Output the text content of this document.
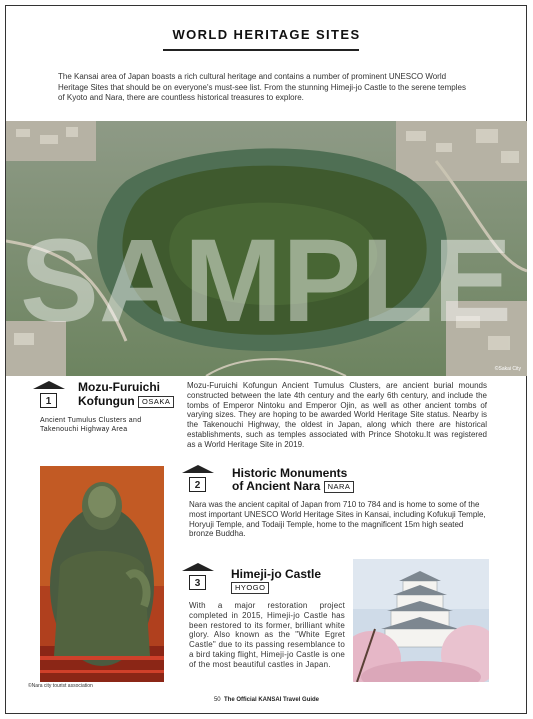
WORLD HERITAGE SITES
The Kansai area of Japan boasts a rich cultural heritage and contains a number of prominent UNESCO World Heritage Sites that should be on everyone's must-see list. From the stunning Himeji-jo Castle to the serene temples of Kyoto and Nara, there are countless historical treasures to explore.
SAMPLE
©Sakai City
1
Mozu-Furuichi
Kofungun OSAKA
Ancient Tumulus Clusters and Takenouchi Highway Area
Mozu-Furuichi Kofungun Ancient Tumulus Clusters, are ancient burial mounds constructed between the late 4th century and the early 6th century, and include the tombs of Emperor Nintoku and Emperor Ojin, as well as other ancient tombs of varying sizes. They are hoping to be awarded World Heritage Site status. Nearby is the Takenouchi Highway, the oldest in Japan, along which there are historical establishments, such as temples associated with Prince Shotoku.It was registered as a World Heritage Site in 2019.
©Nara city tourist association
2
Historic Monuments
of Ancient Nara NARA
Nara was the ancient capital of Japan from 710 to 784 and is home to some of the most important UNESCO World Heritage Sites in Kansai, including Kofukuji Temple, Horyuji Temple, and Todaiji Temple, home to the magnificent 15m high seated bronze Buddha.
3
Himeji-jo Castle
HYOGO
With a major restoration project completed in 2015, Himeji-jo Castle has been restored to its former, brilliant white glory. Also known as the "White Egret Castle" due to its passing resemblance to a bird taking flight, Himeji-jo Castle is one of the most beautiful castles in Japan.
50 The Official KANSAI Travel Guide
